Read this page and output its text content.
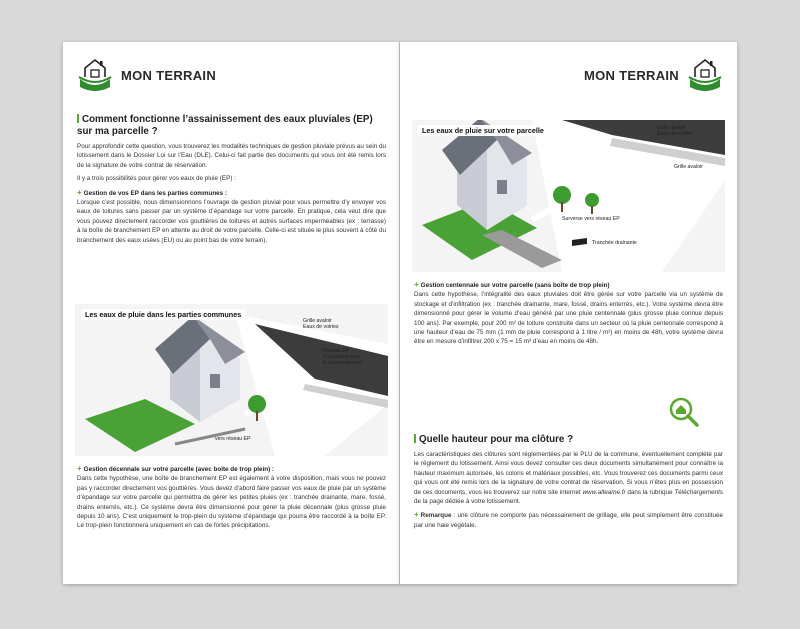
MON TERRAIN
Comment fonctionne l’assainissement des eaux pluviales (EP) sur ma parcelle ?

Pour approfondir cette question, vous trouverez les modalités techniques de gestion pluviale prévus au sein du lotissement dans le Dossier Loi sur l’Eau (DLE). Celui-ci fait partie des documents qui vous ont été remis lors de la signature de votre contrat de réservation.

Il y a trois possibilités pour gérer vos eaux de pluie (EP) :

+ Gestion de vos EP dans les parties communes :

Lorsque c’est possible, nous dimensionnons l’ouvrage de gestion pluvial pour vous permettre d’y envoyer vos eaux de toitures sans passer par un système d’épandage sur votre parcelle. En pratique, cela veut dire que vous pouvez directement raccorder vos gouttières de toitures et autres surfaces imperméables (ex : terrasse) à la boîte de branchement EP en attente au droit de votre parcelle. Celle-ci est située le plus souvent à côté du branchement des eaux usées (EU) ou au point bas de votre terrain).

Les eaux de pluie dans les parties communes
Grille avaloir
Eaux de voiries
Réseau EP
Évacuation vers
le bassin tampon
vers réseau EP

+ Gestion décennale sur votre parcelle (avec boîte de trop plein) :

Dans cette hypothèse, une boîte de branchement EP est également à votre disposition, mais vous ne pouvez pas y raccorder directement vos gouttières. Vous devez d’abord faire passer vos eaux de pluie par un système d’épandage sur votre parcelle qui permettra de gérer les petites pluies (ex : tranchée drainante, mare, fossé, drains enterrés, etc.). Ce système devra être dimensionné pour gérer la pluie décennale (plus grosse pluie depuis 10 ans). C’est uniquement le trop-plein du système d’épandage qui pourra être raccordé à la boîte EP. Le trop-plein fonctionnera uniquement en cas de fortes précipitations.

MON TERRAIN
Les eaux de pluie sur votre parcelle	Grille avaloir
Eaux de voiries
Grille avaloir
Surverse vers réseau EP
Tranchée drainante

+ Gestion centennale sur votre parcelle (sans boîte de trop plein)

Dans cette hypothèse, l’intégralité des eaux pluviales doit être gérée sur votre parcelle via un système de stockage et d’infiltration (ex : tranchée drainante, mare, fossé, drains enterrés, etc.). Votre système devra être dimensionné pour gérer le volume d’eau généré par une pluie centennale (plus grosse pluie connue depuis 100 ans). Par exemple, pour 200 m² de toiture construite dans un secteur où la pluie centennale correspond à une hauteur d’eau de 75 mm (1 mm de pluie correspond à 1 litre / m²) en moins de 48h, votre système devra être en mesure d’infiltrer 200 x 75 = 15 m³ d’eau en moins de 48h.

Quelle hauteur pour ma clôture ?

Les caractéristiques des clôtures sont réglementées par le PLU de la commune, éventuellement complété par le règlement du lotissement. Ainsi vous devez consulter ces deux documents simultanément pour connaître la hauteur maximum autorisée, les coloris et matériaux possibles, etc. Vous trouverez ces documents parmi ceux qui vous ont été remis lors de la signature de votre contrat de réservation. Si vous n’êtes plus en possession de ces documents, vous les trouverez sur notre site internet www.alteame.fr dans la rubrique Téléchargements de la page dédiée à votre lotissement.

+ Remarque : une clôture ne comporte pas nécessairement de grillage, elle peut simplement être constituée par une haie végétale.
